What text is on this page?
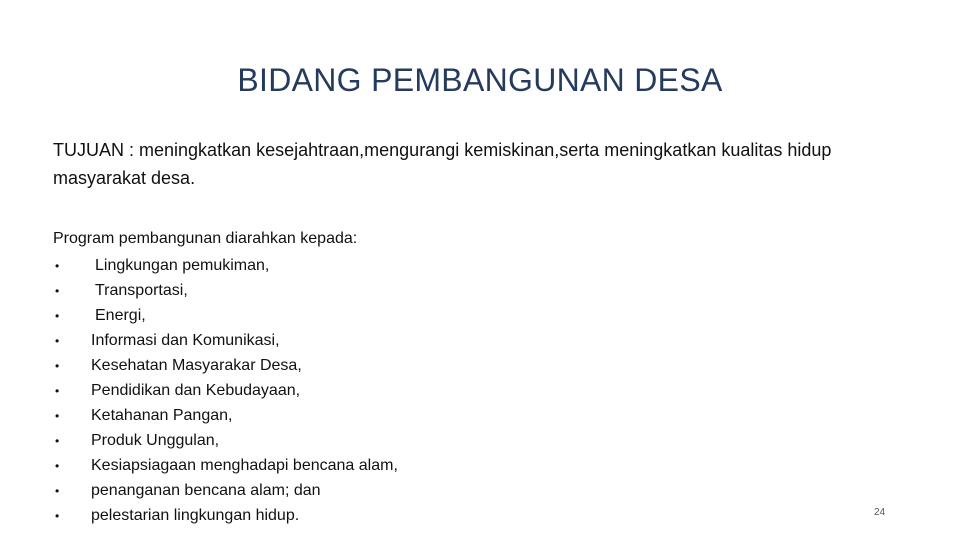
BIDANG PEMBANGUNAN DESA
TUJUAN : meningkatkan kesejahtraan,mengurangi kemiskinan,serta meningkatkan kualitas hidup masyarakat desa.
Program pembangunan diarahkan kepada:
• Lingkungan pemukiman,
• Transportasi,
• Energi,
• Informasi dan Komunikasi,
• Kesehatan Masyarakar Desa,
• Pendidikan dan Kebudayaan,
• Ketahanan Pangan,
• Produk Unggulan,
• Kesiapsiagaan menghadapi bencana alam,
• penanganan bencana alam; dan
• pelestarian lingkungan hidup.	24
